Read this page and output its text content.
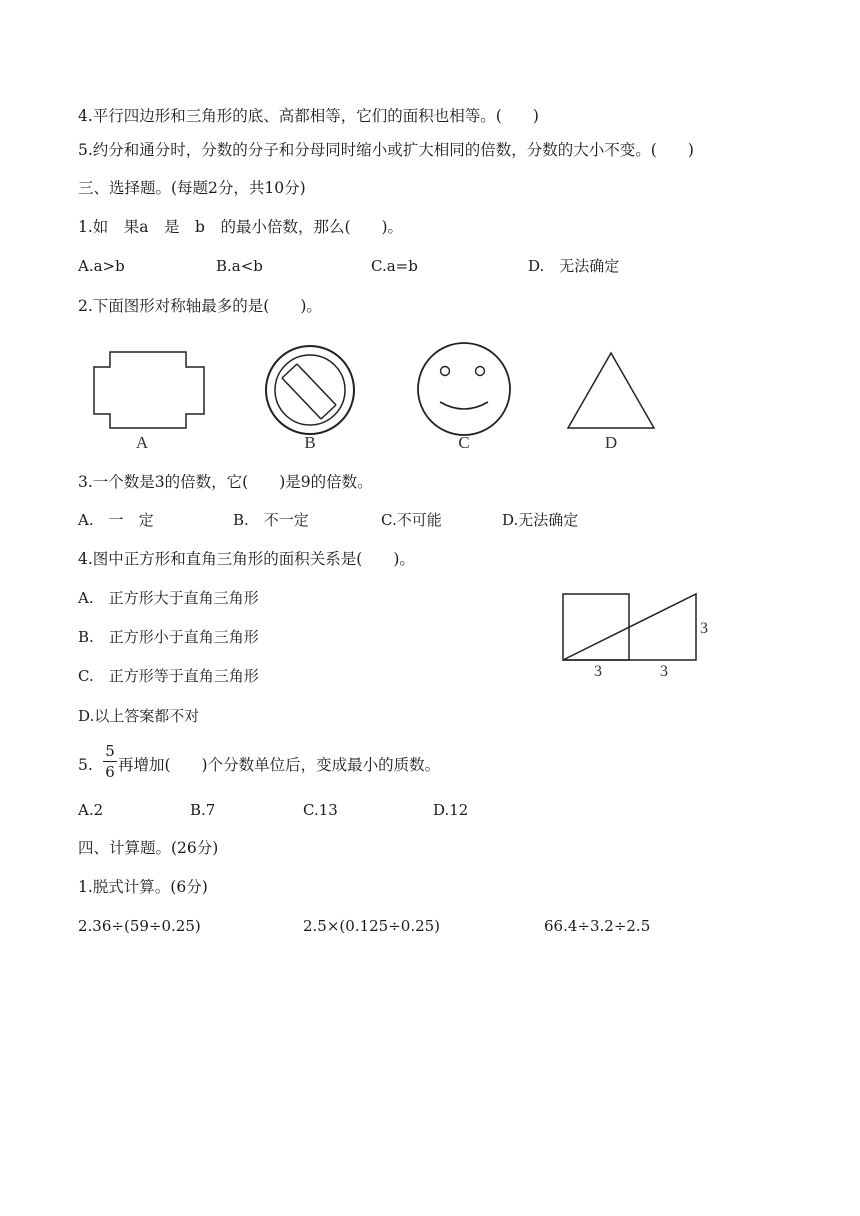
4.平行四边形和三角形的底、高都相等，它们的面积也相等。(　　)
5.约分和通分时，分数的分子和分母同时缩小或扩大相同的倍数，分数的大小不变。(　　)
三、选择题。(每题2分，共10分)
1.如　果a　是　b　的最小倍数，那么(　　)。
A.a>b	B.a<b	C.a=b	D.　无法确定
2.下面图形对称轴最多的是(　　)。
A	B	C	D
3.一个数是3的倍数，它(　　)是9的倍数。
A.　一　定	B.　不一定	C.不可能	D.无法确定
4.图中正方形和直角三角形的面积关系是(　　)。
A.　正方形大于直角三角形
B.　正方形小于直角三角形
C.　正方形等于直角三角形
D.以上答案都不对
3	3
3
5.
5
6 再增加(　　)个分数单位后，变成最小的质数。
A.2	B.7	C.13	D.12
四、计算题。(26分)
1.脱式计算。(6分)
2.36÷(59÷0.25)	2.5×(0.125÷0.25)	66.4÷3.2÷2.5
